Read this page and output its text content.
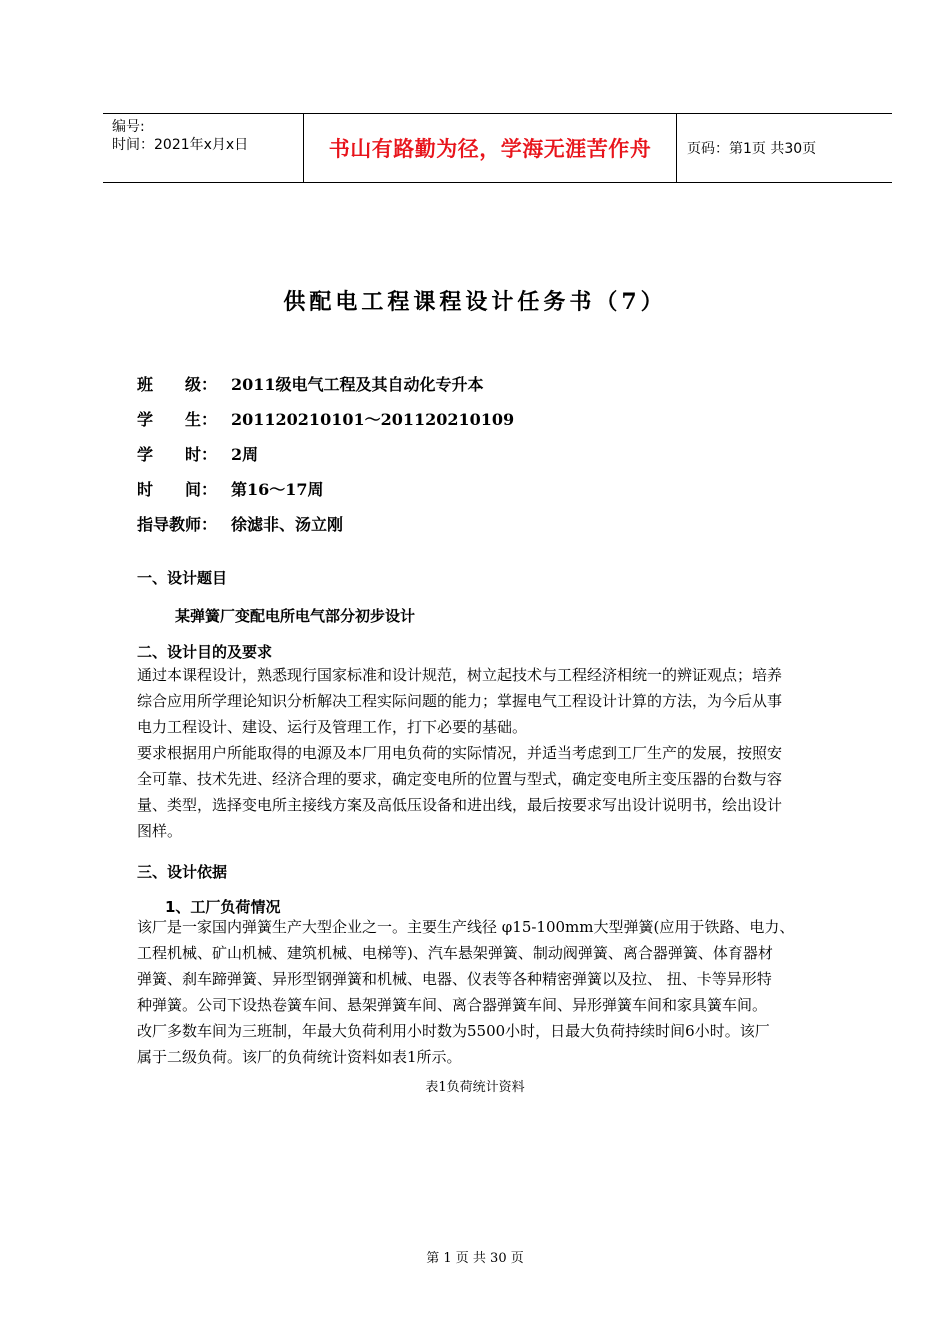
编号:
时间：2021年x月x日	书山有路勤为径，学海无涯苦作舟	页码：第1页 共30页
供配电工程课程设计任务书（7）
班　　级： 2011级电气工程及其自动化专升本
学　　生： 201120210101～201120210109
学　　时： 2周
时　　间： 第16～17周
指导教师： 徐滤非、汤立刚
一、设计题目
某弹簧厂变配电所电气部分初步设计
二、设计目的及要求
通过本课程设计，熟悉现行国家标准和设计规范，树立起技术与工程经济相统一的辨证观点；培养
综合应用所学理论知识分析解决工程实际问题的能力；掌握电气工程设计计算的方法，为今后从事
电力工程设计、建设、运行及管理工作，打下必要的基础。
要求根据用户所能取得的电源及本厂用电负荷的实际情况，并适当考虑到工厂生产的发展，按照安
全可靠、技术先进、经济合理的要求，确定变电所的位置与型式，确定变电所主变压器的台数与容
量、类型，选择变电所主接线方案及高低压设备和进出线，最后按要求写出设计说明书，绘出设计
图样。
三、设计依据
1、工厂负荷情况
该厂是一家国内弹簧生产大型企业之一。主要生产线径 φ15-100mm大型弹簧(应用于铁路、电力、
工程机械、矿山机械、建筑机械、电梯等)、汽车悬架弹簧、制动阀弹簧、离合器弹簧、体育器材
弹簧、刹车蹄弹簧、异形型钢弹簧和机械、电器、仪表等各种精密弹簧以及拉、 扭、卡等异形特
种弹簧。公司下设热卷簧车间、悬架弹簧车间、离合器弹簧车间、异形弹簧车间和家具簧车间。
改厂多数车间为三班制，年最大负荷利用小时数为5500小时，日最大负荷持续时间6小时。该厂
属于二级负荷。该厂的负荷统计资料如表1所示。
表1负荷统计资料
第 1 页 共 30 页
